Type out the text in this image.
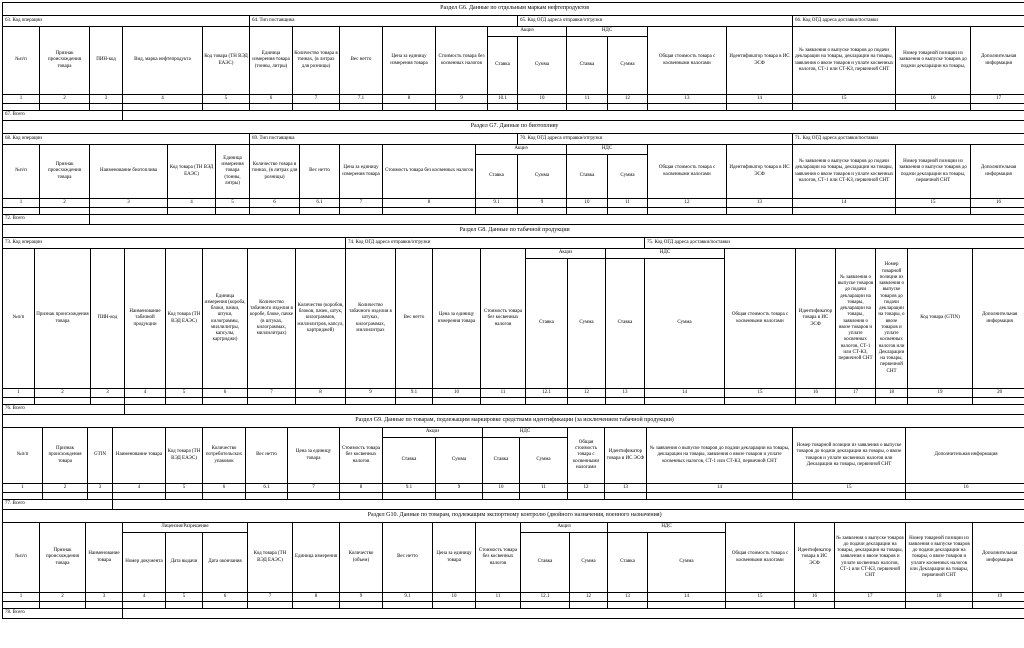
Раздел G6. Данные по отдельным маркам нефтепродуктов																		
63. Код операции					64. Тип поставщика						65. Код ОГД адреса отправки/отгрузки					66. Код ОГД адреса доставки/поставки		
№п/п	Признак происхождения товара	ПИН-код	Вид, марка нефтепродукта	Код товара (ТН ВЭД ЕАЭС)	Единица измерения товара (тонны, литры)	Количество товара в тоннах, (в литрах для розницы)	Вес нетто	Цена за единицу измерения товара	Стоимость товара без косвенных налогов	Акциз		НДС		Общая стоимость товара с косвенными налогами	Идентификатор товара в ИС ЭСФ	№ заявления о выпуске товаров до подачи декларации на товары, декларации на товары, заявления о ввозе товаров и уплате косвенных налогов, СТ-1 или СТ-КЗ, первичной СНТ	Номер товарной позиции из заявления о выпуске товаров до подачи декларации на товары,	Дополнительная информация
										Ставка	Сумма	Ставка	Сумма					
1	2	3	4	5	6	7	7.1	8	9	10.1	10	11	12	13	14	15	16	17

67. Всего																		
Раздел G7. Данные по биотопливу																	
68. Код операции					69. Тип поставщика					70. Код ОГД адреса отправки/отгрузки					71. Код ОГД адреса доставки/поставки		
№п/п	Признак происхождения товара	Наименование биотоплива	Код товара (ТН ВЭД ЕАЭС)	Единица измерения товара (тонны, литры)	Количество товара в тоннах, (в литрах для розницы)	Вес нетто	Цена за единицу измерения товара	Стоимость товара без косвенных налогов	Акциз		НДС		Общая стоимость товара с косвенными налогами	Идентификатор товара в ИС ЭСФ	№ заявления о выпуске товаров до подачи декларации на товары, декларации на товары, заявления о ввозе товаров и уплате косвенных налогов, СТ-1 или СТ-КЗ, первичной СНТ	Номер товарной позиции из заявления о выпуске товаров до подачи декларации на товары, первичной СНТ	Дополнительная информация
									Ставка	Сумма	Ставка	Сумма					
1	2	3	4	5	6	6.1	7	8	9.1	9	10	11	12	13	14	15	16

72. Всего																	
Раздел G8. Данные по табачной продукции																					
73. Код операции								74. Код ОГД адреса отправки/отгрузки							75. Код ОГД адреса доставки/поставки						
№п/п	Признак происхождения товара	ПИН-код	Наименование табачной продукции	Код товара (ТН ВЭД ЕАЭС)	Единица измерения (короба, блоки, пачки, штуки, килограммы, миллилитры, капсулы, картриджи)	Количество табачного изделия в коробе, блоке, пачке (в штуках, килограммах, миллилитрах)	Количество (коробов, блоков, пачек, штук, килограммов, миллилитров, капсул, картриджей)	Количество табачного изделия в штуках, килограммах, миллилитрах	Вес нетто	Цена за единицу измерения товара	Стоимость товара без косвенных налогов	Акциз		НДС		Общая стоимость товара с косвенными налогами	Идентификатор товара в ИС ЭСФ	№ заявления о выпуске товаров до подачи декларации на товары, декларации на товары, заявления о ввозе товаров и уплате косвенных налогов, СТ-1 или СТ-КЗ, первичной СНТ	Номер товарной позиции из заявления о выпуске товаров до подачи декларации на товары, о ввозе товаров и уплате косвенных налогов или Декларации на товары, первичной СНТ	Код товара (GTIN)	Дополнительная информация
												Ставка	Сумма	Ставка	Сумма						
1	2	3	4	5	6	7	8	9	9.1	10	11	12.1	12	13	14	15	16	17	18	19	20

76. Всего																					
Раздел G9. Данные по товарам, подлежащим маркировке средствами идентификации (за исключением табачной продукции)																	
№п/п	Признак происхождения товара	GTIN	Наименование товара	Код товара (ТН ВЭД ЕАЭС)	Количество потребительских упаковок	Вес нетто	Цена за единицу товара	Стоимость товара без косвенных налогов	Акциз		НДС		Общая стоимость товара с косвенными налогами	Идентификатор товара в ИС ЭСФ	№ заявления о выпуске товаров до подачи декларации на товары, декларации на товары, заявления о ввозе товаров и уплате косвенных налогов, СТ-1 или СТ-КЗ, первичной СНТ	Номер товарной позиции из заявления о выпуске товаров до подачи декларации на товары, о ввозе товаров и уплате косвенных налогов или Декларации на товары, первичной СНТ	Дополнительная информация
									Ставка	Сумма	Ставка	Сумма					
1	2	3	4	5	6	6.1	7	8	9.1	9	10	11	12	13	14	15	16

77. Всего																	
Раздел G10. Данные по товарам, подлежащим экспортному контролю (двойного назначения, военного назначения)																				
№п/п	Признак происхождения товара	Наименование товара	Лицензия/Разрешение			Код товара (ТН ВЭД ЕАЭС)	Единица измерения	Количество (объем)	Вес нетто	Цена за единицу товара	Стоимость товара без косвенных налогов	Акциз		НДС		Общая стоимость товара с косвенными налогами	Идентификатор товара в ИС ЭСФ	№ заявления о выпуске товаров до подачи декларации на товары, декларации на товары, заявления о ввозе товаров и уплате косвенных налогов, СТ-1 или СТ-КЗ, первичной СНТ	Номер товарной позиции из заявления о выпуске товаров до подачи декларации на товары, о ввозе товаров и уплате косвенных налогов или Декларации на товары, первичной СНТ	Дополнительная информация
			Номер документа	Дата выдачи	Дата окончания							Ставка	Сумма	Ставка	Сумма					
1	2	3	4	5	6	7	8	9	9.1	10	11	12.1	12	13	14	15	16	17	18	19

78. Всего																				
